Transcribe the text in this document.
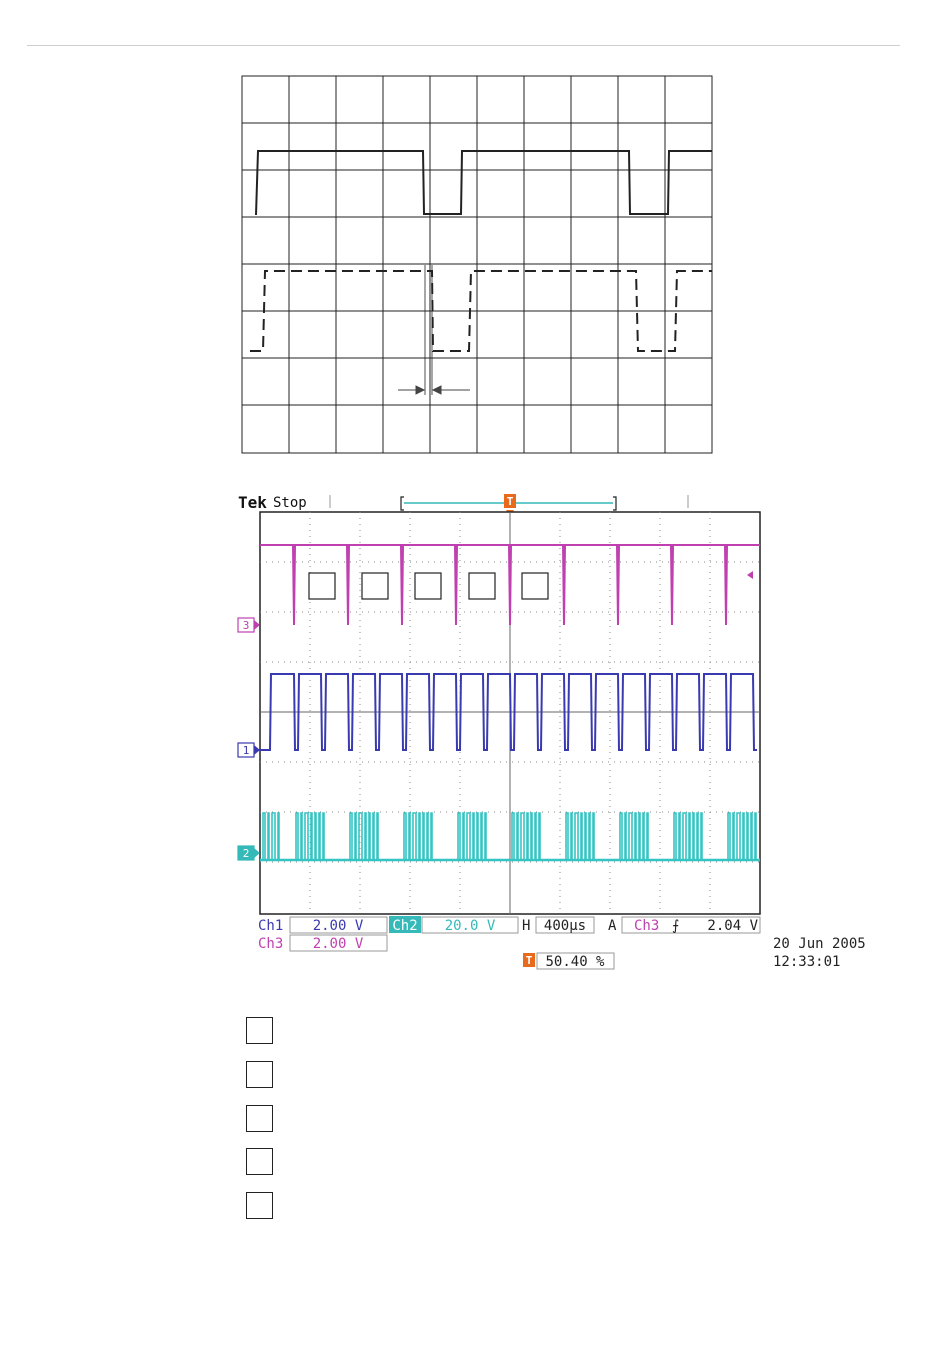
Tek Stop	T
3
1
2
Ch1 2.00 V Ch2 20.0 V H 400µs A Ch3 ⨍ 2.04 V
Ch3 2.00 V
T 50.40 %
20 Jun 2005
12:33:01
